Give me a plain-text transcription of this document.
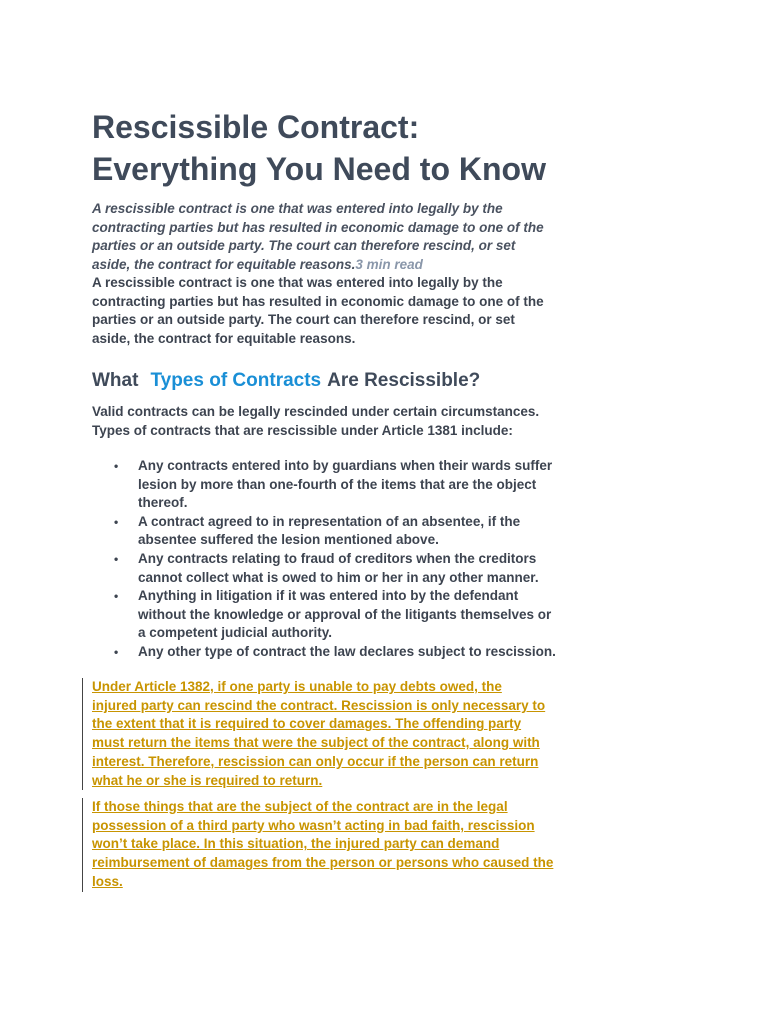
Rescissible Contract:
Everything You Need to Know

A rescissible contract is one that was entered into legally by the
contracting parties but has resulted in economic damage to one of the
parties or an outside party. The court can therefore rescind, or set
aside, the contract for equitable reasons.3 min read

A rescissible contract is one that was entered into legally by the
contracting parties but has resulted in economic damage to one of the
parties or an outside party. The court can therefore rescind, or set
aside, the contract for equitable reasons.

What Types of Contracts Are Rescissible?

Valid contracts can be legally rescinded under certain circumstances.
Types of contracts that are rescissible under Article 1381 include:

• Any contracts entered into by guardians when their wards suffer
lesion by more than one-fourth of the items that are the object
thereof.
• A contract agreed to in representation of an absentee, if the
absentee suffered the lesion mentioned above.
• Any contracts relating to fraud of creditors when the creditors
cannot collect what is owed to him or her in any other manner.
• Anything in litigation if it was entered into by the defendant
without the knowledge or approval of the litigants themselves or
a competent judicial authority.
• Any other type of contract the law declares subject to rescission.
Under Article 1382, if one party is unable to pay debts owed, the
injured party can rescind the contract. Rescission is only necessary to
the extent that it is required to cover damages. The offending party
must return the items that were the subject of the contract, along with
interest. Therefore, rescission can only occur if the person can return
what he or she is required to return.
If those things that are the subject of the contract are in the legal
possession of a third party who wasn’t acting in bad faith, rescission
won’t take place. In this situation, the injured party can demand
reimbursement of damages from the person or persons who caused the
loss.
